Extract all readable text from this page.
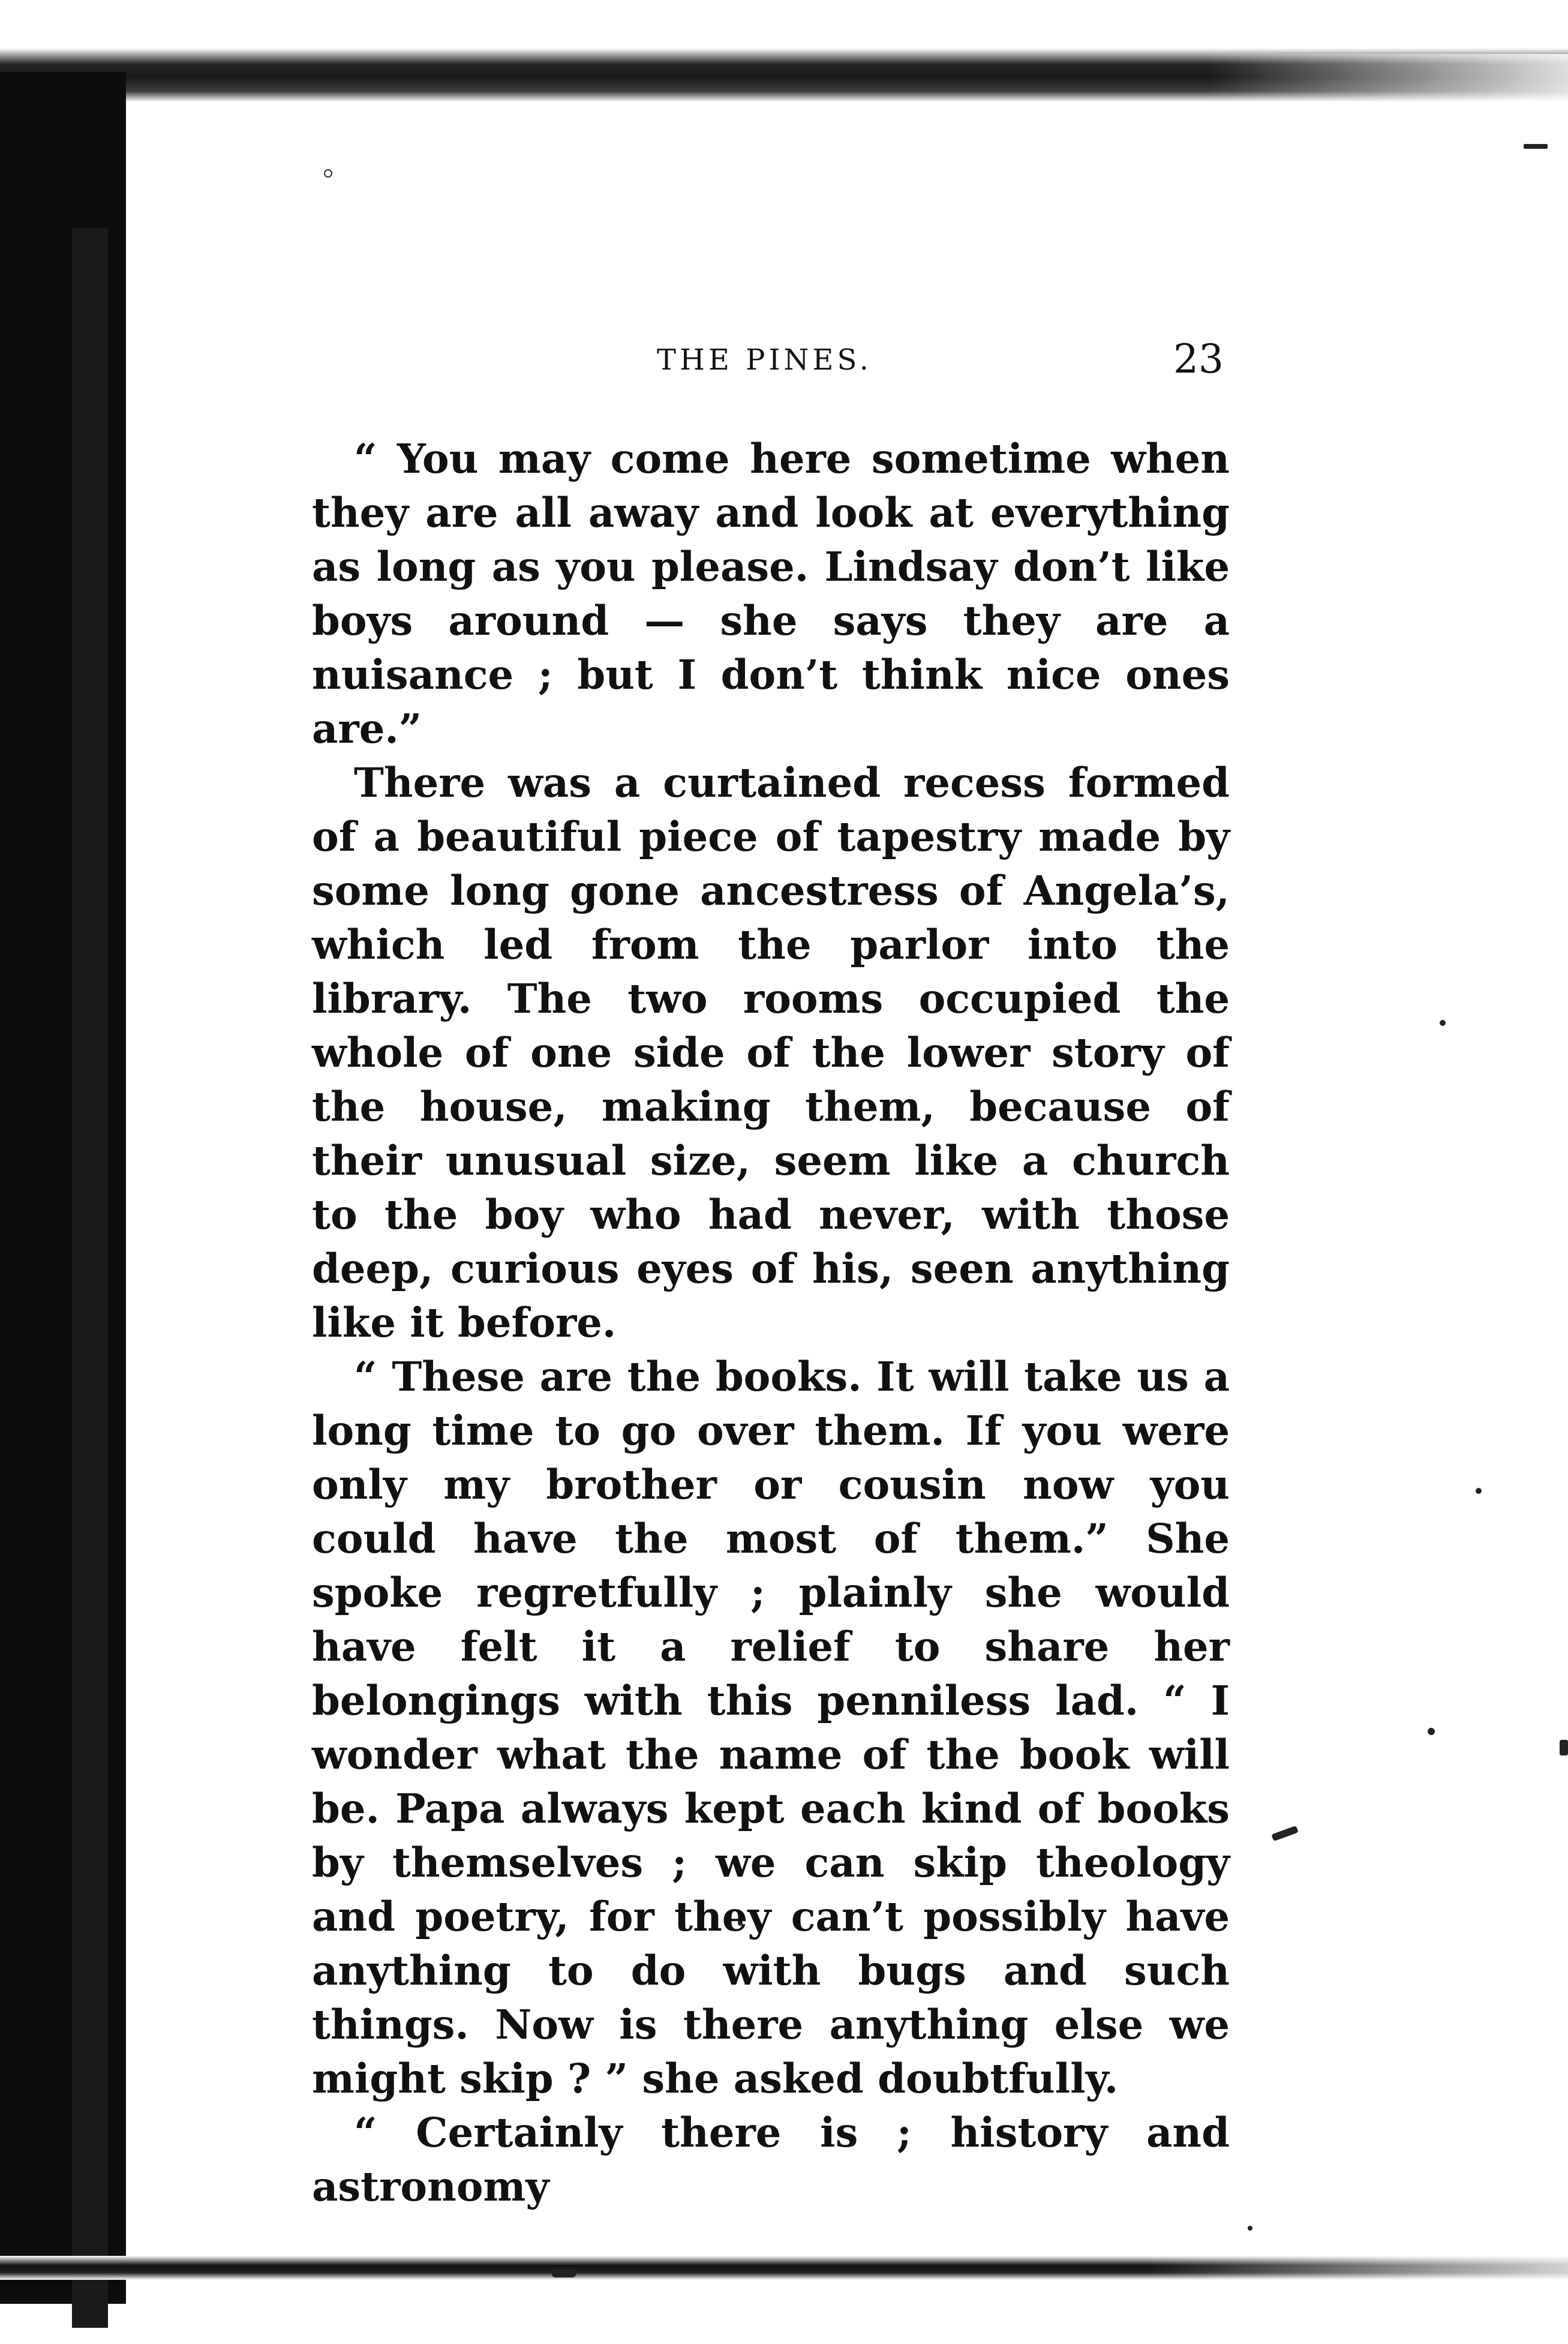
THE PINES.	23

“ You may come here sometime when they are all away and look at everything as long as you please. Lindsay don’t like boys around — she says they are a nuisance ; but I don’t think nice ones are.”

There was a curtained recess formed of a beautiful piece of tapestry made by some long gone ancestress of Angela’s, which led from the parlor into the library. The two rooms occupied the whole of one side of the lower story of the house, making them, because of their unusual size, seem like a church to the boy who had never, with those deep, curious eyes of his, seen anything like it before.

“ These are the books. It will take us a long time to go over them. If you were only my brother or cousin now you could have the most of them.” She spoke regretfully ; plainly she would have felt it a relief to share her belongings with this penniless lad. “ I wonder what the name of the book will be. Papa always kept each kind of books by themselves ; we can skip theology and poetry, for they can’t possibly have anything to do with bugs and such things. Now is there anything else we might skip ? ” she asked doubtfully.

“ Certainly there is ; history and astronomy
